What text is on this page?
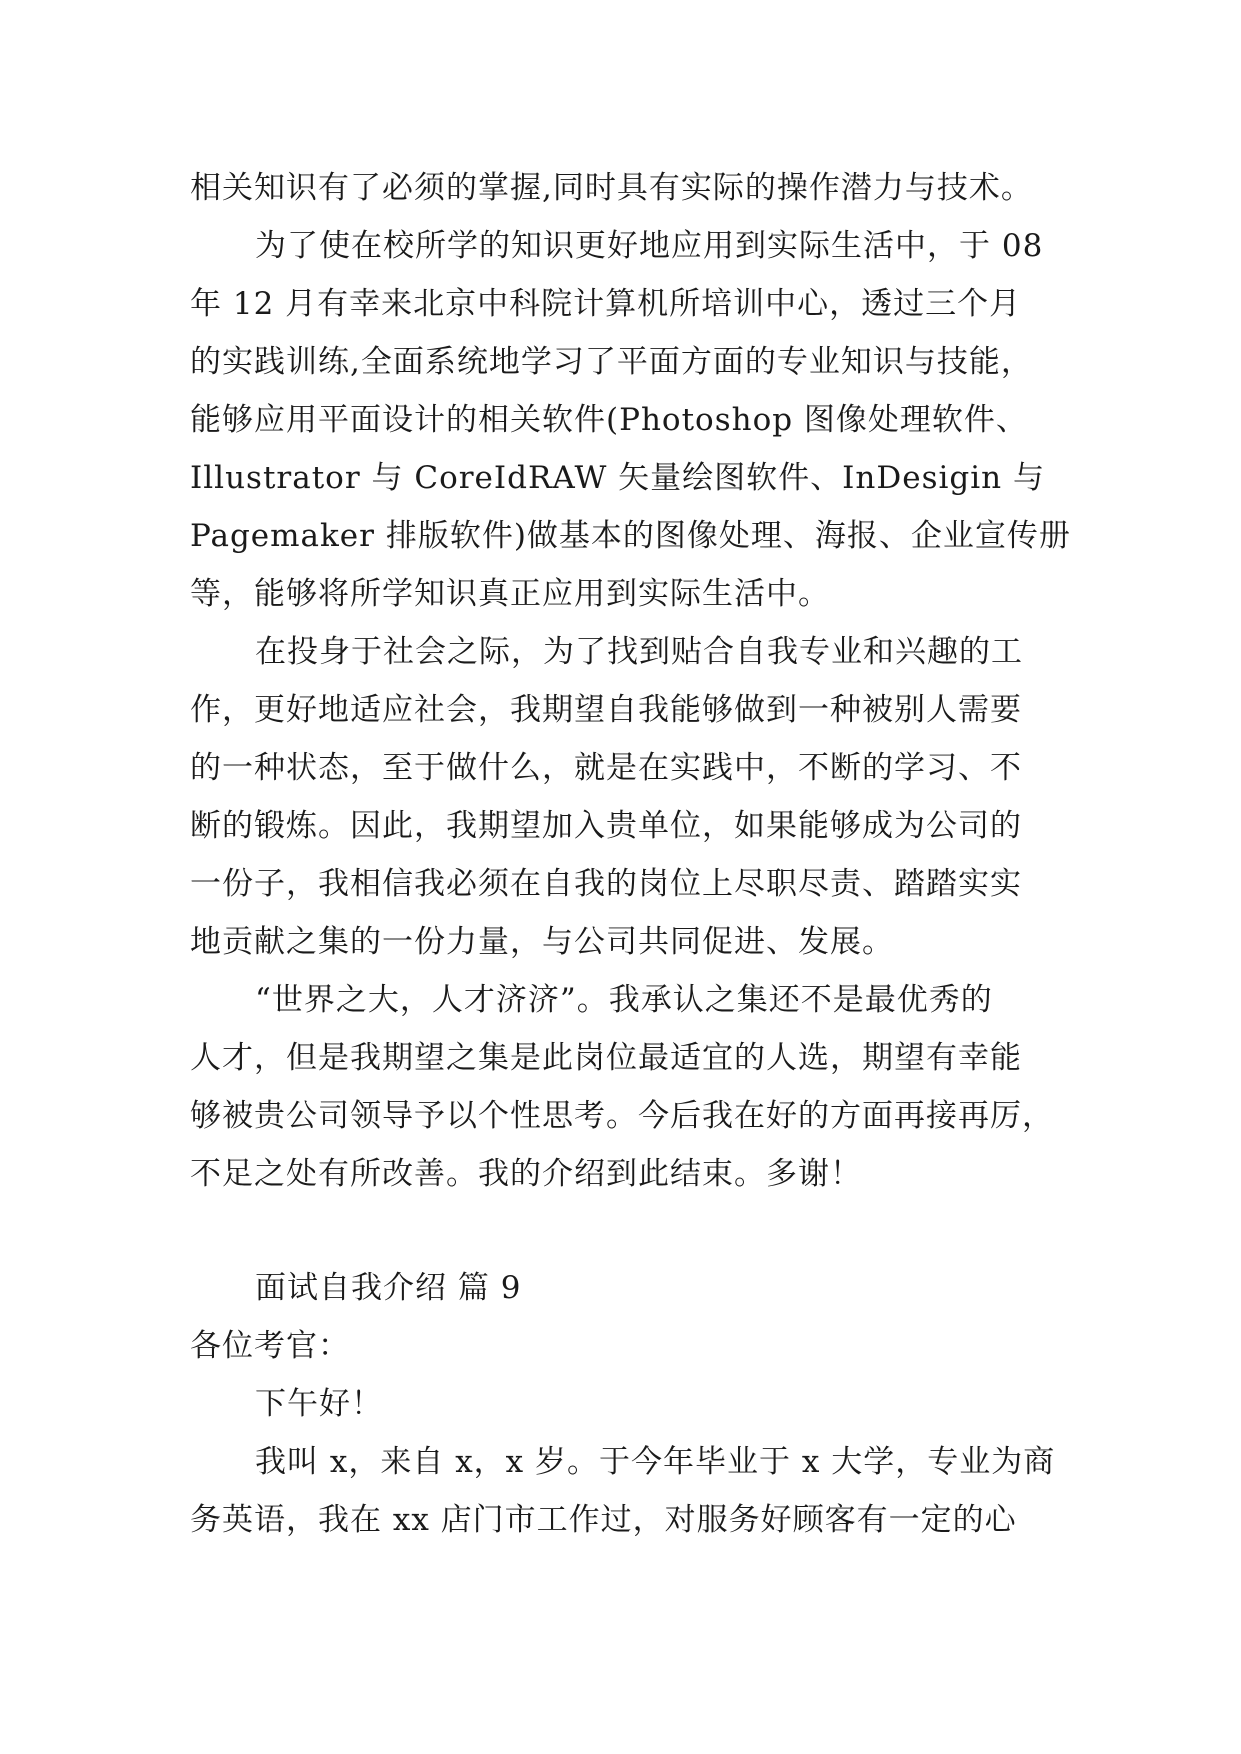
相关知识有了必须的掌握,同时具有实际的操作潜力与技术。
为了使在校所学的知识更好地应用到实际生活中，于 08
年 12 月有幸来北京中科院计算机所培训中心，透过三个月
的实践训练,全面系统地学习了平面方面的专业知识与技能，
能够应用平面设计的相关软件(Photoshop 图像处理软件、
Illustrator 与 CoreIdRAW 矢量绘图软件、InDesigin 与
Pagemaker 排版软件)做基本的图像处理、海报、企业宣传册
等，能够将所学知识真正应用到实际生活中。
在投身于社会之际，为了找到贴合自我专业和兴趣的工
作，更好地适应社会，我期望自我能够做到一种被别人需要
的一种状态，至于做什么，就是在实践中，不断的学习、不
断的锻炼。因此，我期望加入贵单位，如果能够成为公司的
一份子，我相信我必须在自我的岗位上尽职尽责、踏踏实实
地贡献之集的一份力量，与公司共同促进、发展。
“世界之大，人才济济”。我承认之集还不是最优秀的
人才，但是我期望之集是此岗位最适宜的人选，期望有幸能
够被贵公司领导予以个性思考。今后我在好的方面再接再厉，
不足之处有所改善。我的介绍到此结束。多谢！
面试自我介绍 篇 9
各位考官：
下午好！
我叫 x，来自 x，x 岁。于今年毕业于 x 大学，专业为商
务英语，我在 xx 店门市工作过，对服务好顾客有一定的心
